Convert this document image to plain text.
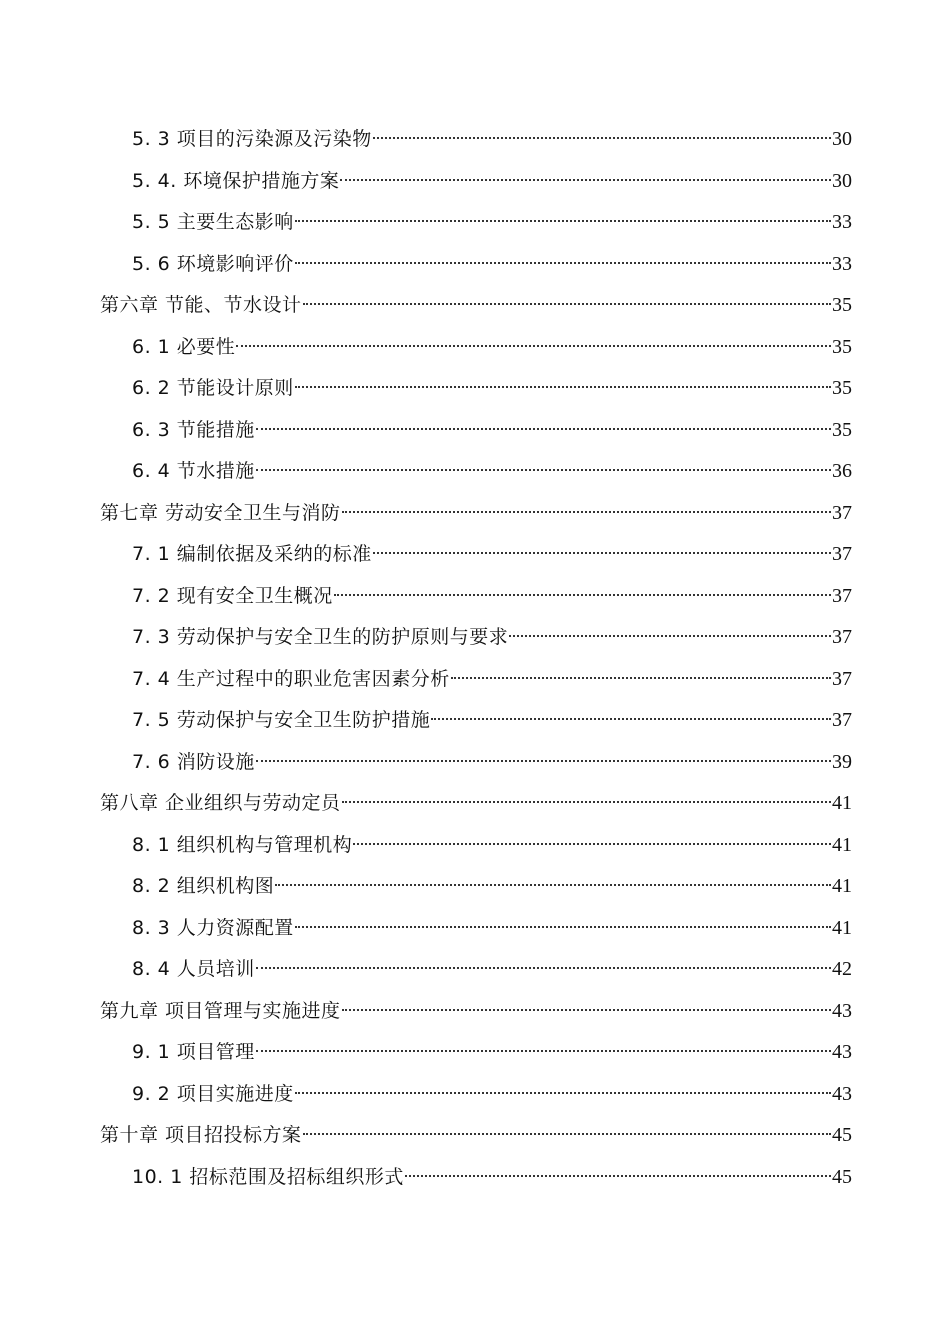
5. 3 项目的污染源及污染物	30
5. 4. 环境保护措施方案	30
5. 5 主要生态影响	33
5. 6 环境影响评价	33
第六章 节能、节水设计	35
6. 1 必要性	35
6. 2 节能设计原则	35
6. 3 节能措施	35
6. 4 节水措施	36
第七章 劳动安全卫生与消防	37
7. 1 编制依据及采纳的标准	37
7. 2 现有安全卫生概况	37
7. 3 劳动保护与安全卫生的防护原则与要求	37
7. 4 生产过程中的职业危害因素分析	37
7. 5 劳动保护与安全卫生防护措施	37
7. 6 消防设施	39
第八章 企业组织与劳动定员	41
8. 1 组织机构与管理机构	41
8. 2 组织机构图	41
8. 3 人力资源配置	41
8. 4 人员培训	42
第九章 项目管理与实施进度	43
9. 1 项目管理	43
9. 2 项目实施进度	43
第十章 项目招投标方案	45
10. 1 招标范围及招标组织形式	45
